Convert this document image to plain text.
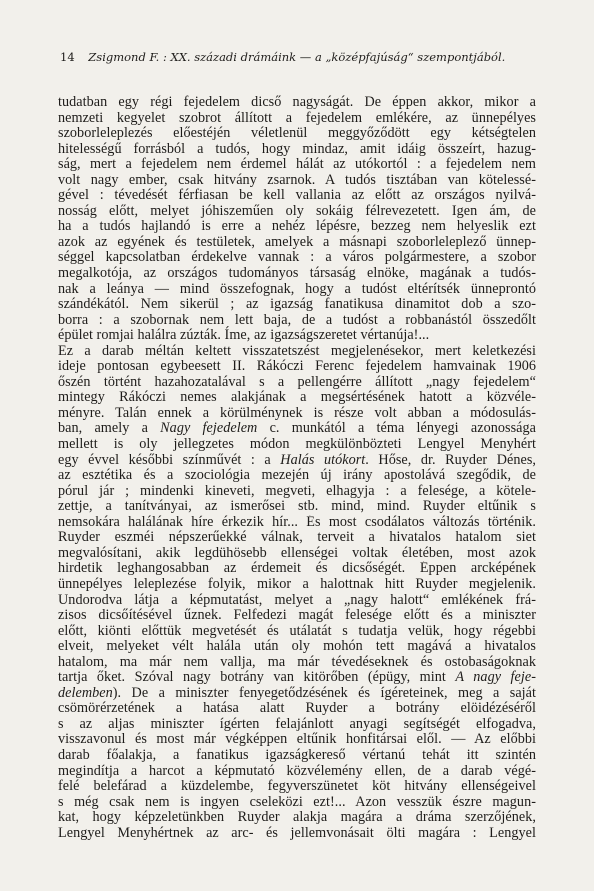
14 Zsigmond F. : XX. századi drámáink — a „középfajúság“ szempontjából.
tudatban egy régi fejedelem dicső nagyságát. De éppen akkor, mikor a
nemzeti kegyelet szobrot állított a fejedelem emlékére, az ünnepélyes
szoborleleplezés előestéjén véletlenül meggyőződött egy kétségtelen
hitelességű forrásból a tudós, hogy mindaz, amit idáig összeírt, hazug-
ság, mert a fejedelem nem érdemel hálát az utókortól : a fejedelem nem
volt nagy ember, csak hitvány zsarnok. A tudós tisztában van kötelessé-
gével : tévedését férfiasan be kell vallania az előtt az országos nyilvá-
nosság előtt, melyet jóhiszeműen oly sokáig félrevezetett. Igen ám, de
ha a tudós hajlandó is erre a nehéz lépésre, bezzeg nem helyeslik ezt
azok az egyének és testületek, amelyek a másnapi szoborleleplező ünnep-
séggel kapcsolatban érdekelve vannak : a város polgármestere, a szobor
megalkotója, az országos tudományos társaság elnöke, magának a tudós-
nak a leánya — mind összefognak, hogy a tudóst eltérítsék ünneprontó
szándékától. Nem sikerül ; az igazság fanatikusa dinamitot dob a szo-
borra : a szobornak nem lett baja, de a tudóst a robbanástól összedőlt
épület romjai halálra zúzták. Íme, az igazságszeretet vértanúja!...
Ez a darab méltán keltett visszatetszést megjelenésekor, mert keletkezési
ideje pontosan egybeesett II. Rákóczi Ferenc fejedelem hamvainak 1906
őszén történt hazahozatalával s a pellengérre állított „nagy fejedelem“
mintegy Rákóczi nemes alakjának a megsértésének hatott a közvéle-
ményre. Talán ennek a körülménynek is része volt abban a módosulás-
ban, amely a Nagy fejedelem c. munkától a téma lényegi azonossága
mellett is oly jellegzetes módon megkülönbözteti Lengyel Menyhért
egy évvel későbbi színművét : a Halás utókort. Hőse, dr. Ruyder Dénes,
az esztétika és a szociológia mezején új irány apostolává szegődik, de
pórul jár ; mindenki kineveti, megveti, elhagyja : a felesége, a kötele-
zettje, a tanítványai, az ismerősei stb. mind, mind. Ruyder eltűnik s
nemsokára halálának híre érkezik hír... És most csodálatos változás történik.
Ruyder eszméi népszerűekké válnak, terveit a hivatalos hatalom siet
megvalósítani, akik legdühösebb ellenségei voltak életében, most azok
hirdetik leghangosabban az érdemeit és dicsőségét. Éppen arcképének
ünnepélyes leleplezése folyik, mikor a halottnak hitt Ruyder megjelenik.
Undorodva látja a képmutatást, melyet a „nagy halott“ emlékének frá-
zisos dicsőítésével űznek. Felfedezi magát felesége előtt és a miniszter
előtt, kiönti előttük megvetését és utálatát s tudatja velük, hogy régebbi
elveit, melyeket vélt halála után oly mohón tett magává a hivatalos
hatalom, ma már nem vallja, ma már tévedéseknek és ostobaságoknak
tartja őket. Szóval nagy botrány van kitörőben (épügy, mint A nagy feje-
delemben). De a miniszter fenyegetődzésének és ígéreteinek, meg a saját
csömörérzetének a hatása alatt Ruyder a botrány elöidézéséről
s az aljas miniszter ígérten felajánlott anyagi segítségét elfogadva,
visszavonul és most már végképpen eltűnik honfitársai elől. — Az előbbi
darab főalakja, a fanatikus igazságkereső vértanú tehát itt szintén
megindítja a harcot a képmutató közvélemény ellen, de a darab végé-
felé belefárad a küzdelembe, fegyverszünetet köt hitvány ellenségeivel
s még csak nem is ingyen cseleközi ezt!... Azon vesszük észre magun-
kat, hogy képzeletünkben Ruyder alakja magára a dráma szerzőjének,
Lengyel Menyhértnek az arc- és jellemvonásait ölti magára : Lengyel
